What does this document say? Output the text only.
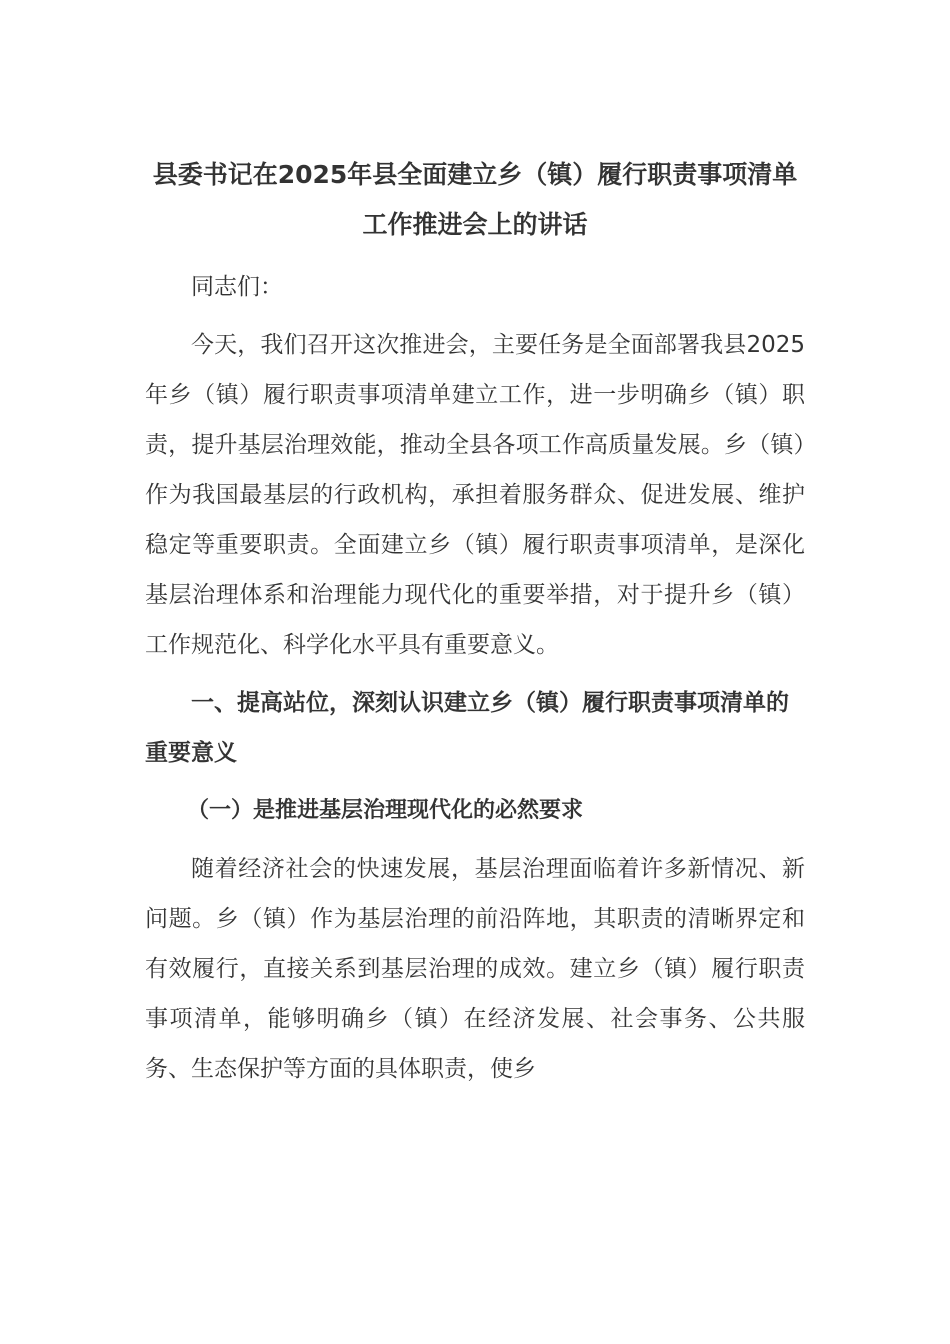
县委书记在2025年县全面建立乡（镇）履行职责事项清单工作推进会上的讲话

同志们：

今天，我们召开这次推进会，主要任务是全面部署我县2025年乡（镇）履行职责事项清单建立工作，进一步明确乡（镇）职责，提升基层治理效能，推动全县各项工作高质量发展。乡（镇）作为我国最基层的行政机构，承担着服务群众、促进发展、维护稳定等重要职责。全面建立乡（镇）履行职责事项清单，是深化基层治理体系和治理能力现代化的重要举措，对于提升乡（镇）工作规范化、科学化水平具有重要意义。

一、提高站位，深刻认识建立乡（镇）履行职责事项清单的重要意义

（一）是推进基层治理现代化的必然要求

随着经济社会的快速发展，基层治理面临着许多新情况、新问题。乡（镇）作为基层治理的前沿阵地，其职责的清晰界定和有效履行，直接关系到基层治理的成效。建立乡（镇）履行职责事项清单，能够明确乡（镇）在经济发展、社会事务、公共服务、生态保护等方面的具体职责，使乡
